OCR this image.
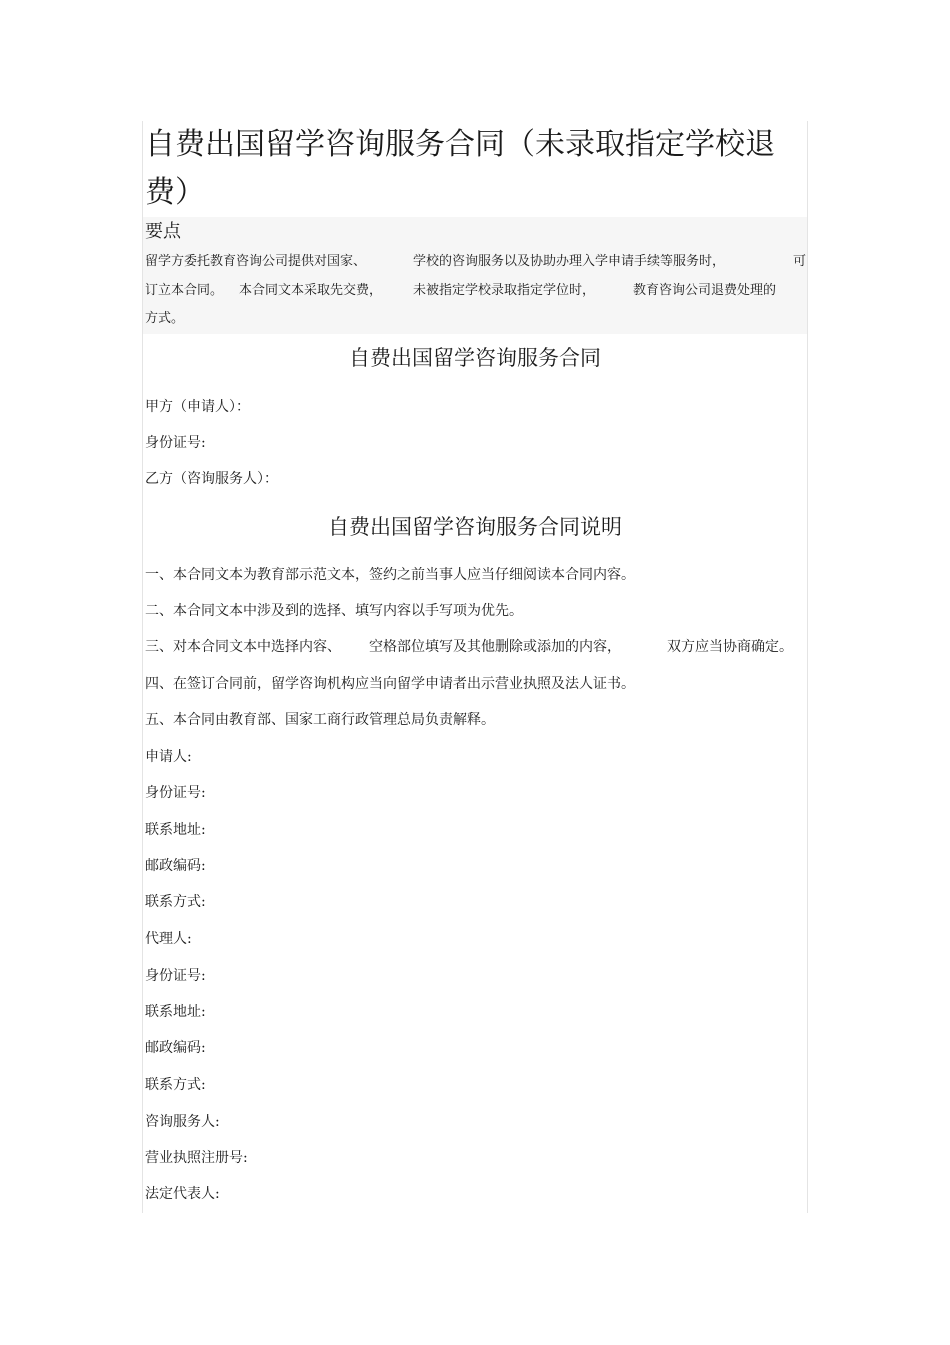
自费出国留学咨询服务合同（未录取指定学校退费）
要点
留学方委托教育咨询公司提供对国家、	学校的咨询服务以及协助办理入学申请手续等服务时，	可
订立本合同。 本合同文本采取先交费， 未被指定学校录取指定学位时，	教育咨询公司退费处理的
方式。
自费出国留学咨询服务合同
甲方（申请人）：
身份证号:
乙方（咨询服务人）：
自费出国留学咨询服务合同说明
一、本合同文本为教育部示范文本，签约之前当事人应当仔细阅读本合同内容。
二、本合同文本中涉及到的选择、填写内容以手写项为优先。
三、对本合同文本中选择内容、 空格部位填写及其他删除或添加的内容，	双方应当协商确定。
四、在签订合同前，留学咨询机构应当向留学申请者出示营业执照及法人证书。
五、本合同由教育部、国家工商行政管理总局负责解释。
申请人:
身份证号:
联系地址:
邮政编码:
联系方式:
代理人:
身份证号:
联系地址:
邮政编码:
联系方式:
咨询服务人:
营业执照注册号:
法定代表人:
